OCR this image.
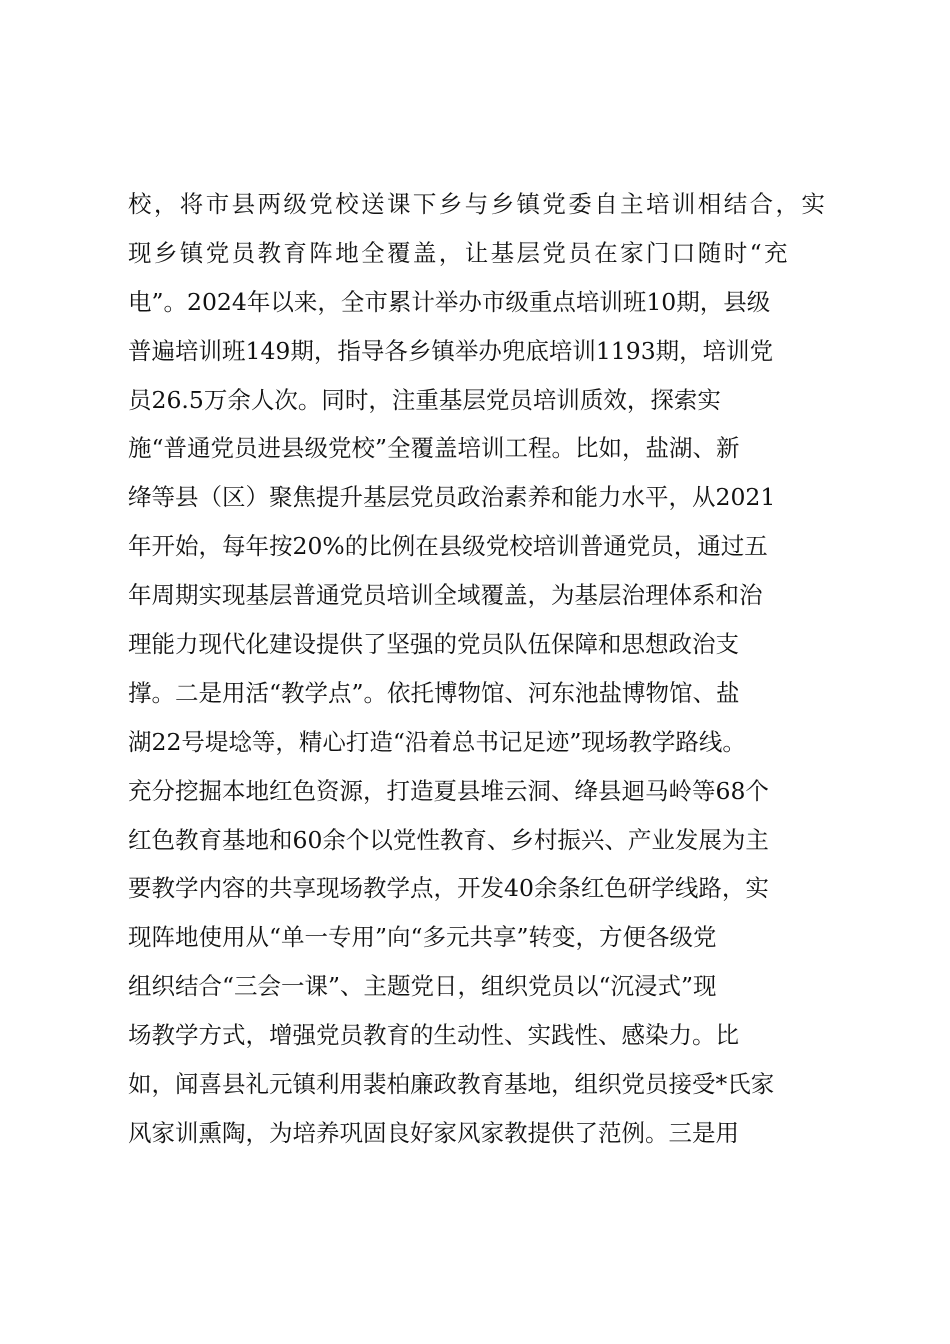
校，将市县两级党校送课下乡与乡镇党委自主培训相结合，实
现乡镇党员教育阵地全覆盖，让基层党员在家门口随时“充
电”。2024年以来，全市累计举办市级重点培训班10期，县级
普遍培训班149期，指导各乡镇举办兜底培训1193期，培训党
员26.5万余人次。同时，注重基层党员培训质效，探索实
施“普通党员进县级党校”全覆盖培训工程。比如，盐湖、新
绛等县（区）聚焦提升基层党员政治素养和能力水平，从2021
年开始，每年按20%的比例在县级党校培训普通党员，通过五
年周期实现基层普通党员培训全域覆盖，为基层治理体系和治
理能力现代化建设提供了坚强的党员队伍保障和思想政治支
撑。二是用活“教学点”。依托博物馆、河东池盐博物馆、盐
湖22号堤埝等，精心打造“沿着总书记足迹”现场教学路线。
充分挖掘本地红色资源，打造夏县堆云洞、绛县迴马岭等68个
红色教育基地和60余个以党性教育、乡村振兴、产业发展为主
要教学内容的共享现场教学点，开发40余条红色研学线路，实
现阵地使用从“单一专用”向“多元共享”转变，方便各级党
组织结合“三会一课”、主题党日，组织党员以“沉浸式”现
场教学方式，增强党员教育的生动性、实践性、感染力。比
如，闻喜县礼元镇利用裴柏廉政教育基地，组织党员接受*氏家
风家训熏陶，为培养巩固良好家风家教提供了范例。三是用
